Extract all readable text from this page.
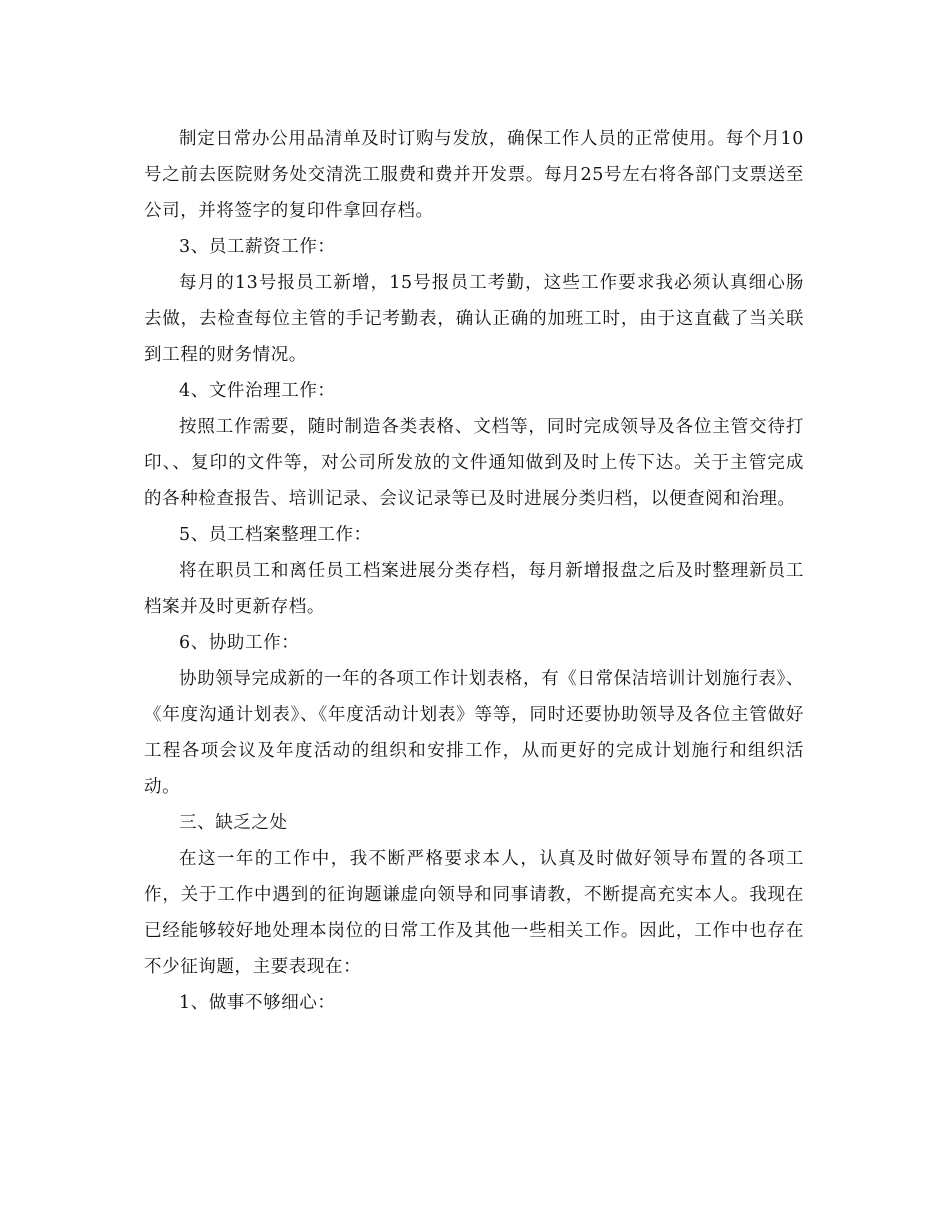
制定日常办公用品清单及时订购与发放，确保工作人员的正常使用。每个月10号之前去医院财务处交清洗工服费和费并开发票。每月25号左右将各部门支票送至公司，并将签字的复印件拿回存档。

3、员工薪资工作：

每月的13号报员工新增，15号报员工考勤，这些工作要求我必须认真细心肠去做，去检查每位主管的手记考勤表，确认正确的加班工时，由于这直截了当关联到工程的财务情况。

4、文件治理工作：

按照工作需要，随时制造各类表格、文档等，同时完成领导及各位主管交待打印、、复印的文件等，对公司所发放的文件通知做到及时上传下达。关于主管完成的各种检查报告、培训记录、会议记录等已及时进展分类归档，以便查阅和治理。

5、员工档案整理工作：

将在职员工和离任员工档案进展分类存档，每月新增报盘之后及时整理新员工档案并及时更新存档。

6、协助工作：

协助领导完成新的一年的各项工作计划表格，有《日常保洁培训计划施行表》、《年度沟通计划表》、《年度活动计划表》等等，同时还要协助领导及各位主管做好工程各项会议及年度活动的组织和安排工作，从而更好的完成计划施行和组织活动。

三、缺乏之处

在这一年的工作中，我不断严格要求本人，认真及时做好领导布置的各项工作，关于工作中遇到的征询题谦虚向领导和同事请教，不断提高充实本人。我现在已经能够较好地处理本岗位的日常工作及其他一些相关工作。因此，工作中也存在不少征询题，主要表现在：

1、做事不够细心：
